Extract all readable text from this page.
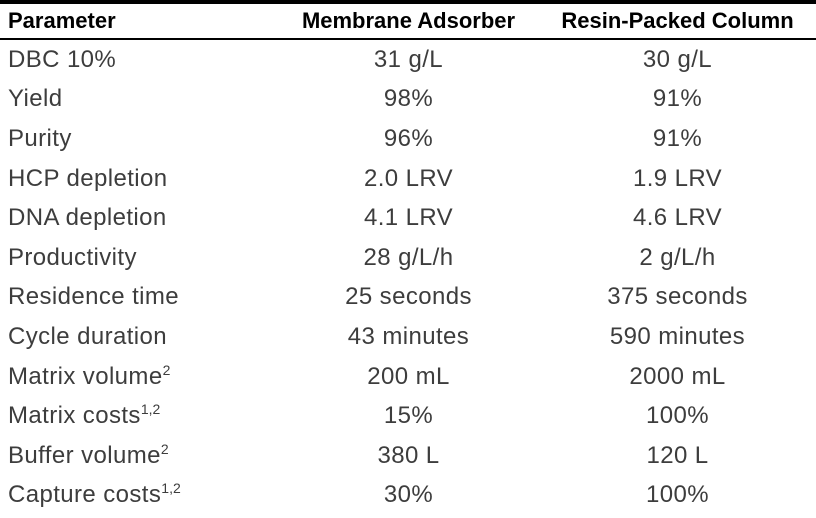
Parameter	Membrane Adsorber	Resin-Packed Column
DBC 10%	31 g/L	30 g/L
Yield	98%	91%
Purity	96%	91%
HCP depletion	2.0 LRV	1.9 LRV
DNA depletion	4.1 LRV	4.6 LRV
Productivity	28 g/L/h	2 g/L/h
Residence time	25 seconds	375 seconds
Cycle duration	43 minutes	590 minutes
Matrix volume$^2$	200 mL	2000 mL
Matrix costs$^{1,2}$	15%	100%
Buffer volume$^2$	380 L	120 L
Capture costs$^{1,2}$	30%	100%
